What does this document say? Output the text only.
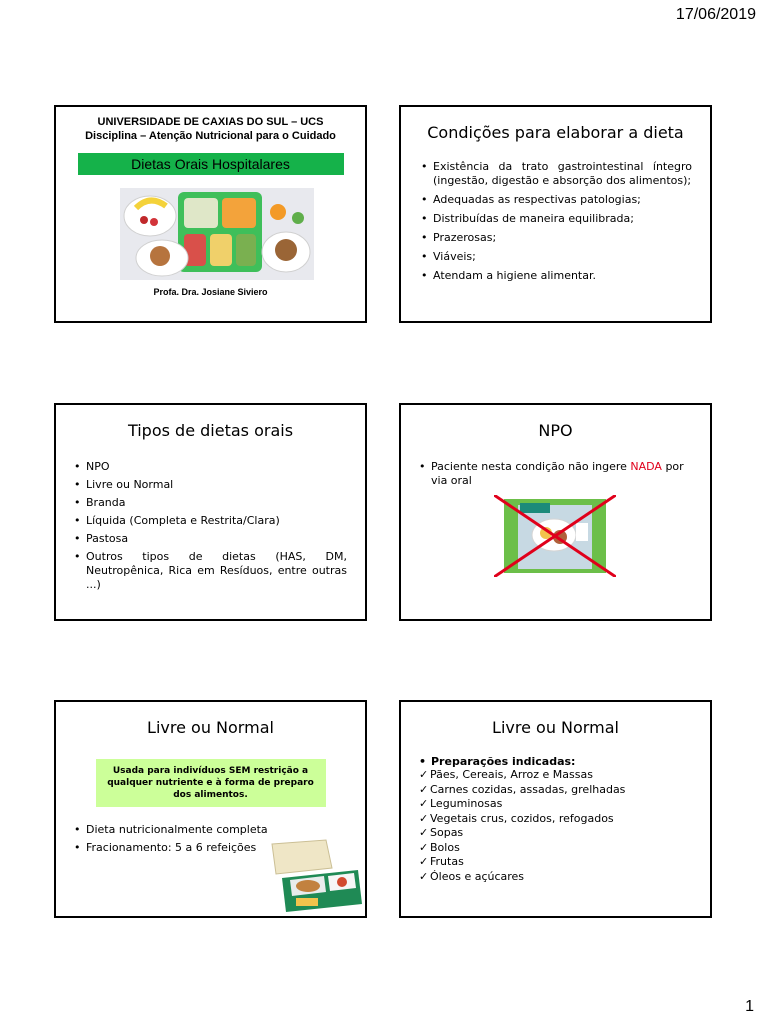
17/06/2019
UNIVERSIDADE DE CAXIAS DO SUL – UCS
Disciplina – Atenção Nutricional para o Cuidado
Dietas Orais Hospitalares
Profa. Dra. Josiane Siviero
Condições para elaborar a dieta
• Existência da trato gastrointestinal íntegro (ingestão, digestão e absorção dos alimentos);
• Adequadas as respectivas patologias;
• Distribuídas de maneira equilibrada;
• Prazerosas;
• Viáveis;
• Atendam a higiene alimentar.
Tipos de dietas orais
• NPO
• Livre ou Normal
• Branda
• Líquida (Completa e Restrita/Clara)
• Pastosa
• Outros tipos de dietas (HAS, DM, Neutropênica, Rica em Resíduos, entre outras ...)
NPO
• Paciente nesta condição não ingere NADA por via oral
Livre ou Normal
Usada para indivíduos SEM restrição a qualquer nutriente e à forma de preparo dos alimentos.
• Dieta nutricionalmente completa
• Fracionamento: 5 a 6 refeições
Livre ou Normal
• Preparações indicadas:
✓ Pães, Cereais, Arroz e Massas
✓ Carnes cozidas, assadas, grelhadas
✓ Leguminosas
✓ Vegetais crus, cozidos, refogados
✓ Sopas
✓ Bolos
✓ Frutas
✓ Óleos e açúcares
1
